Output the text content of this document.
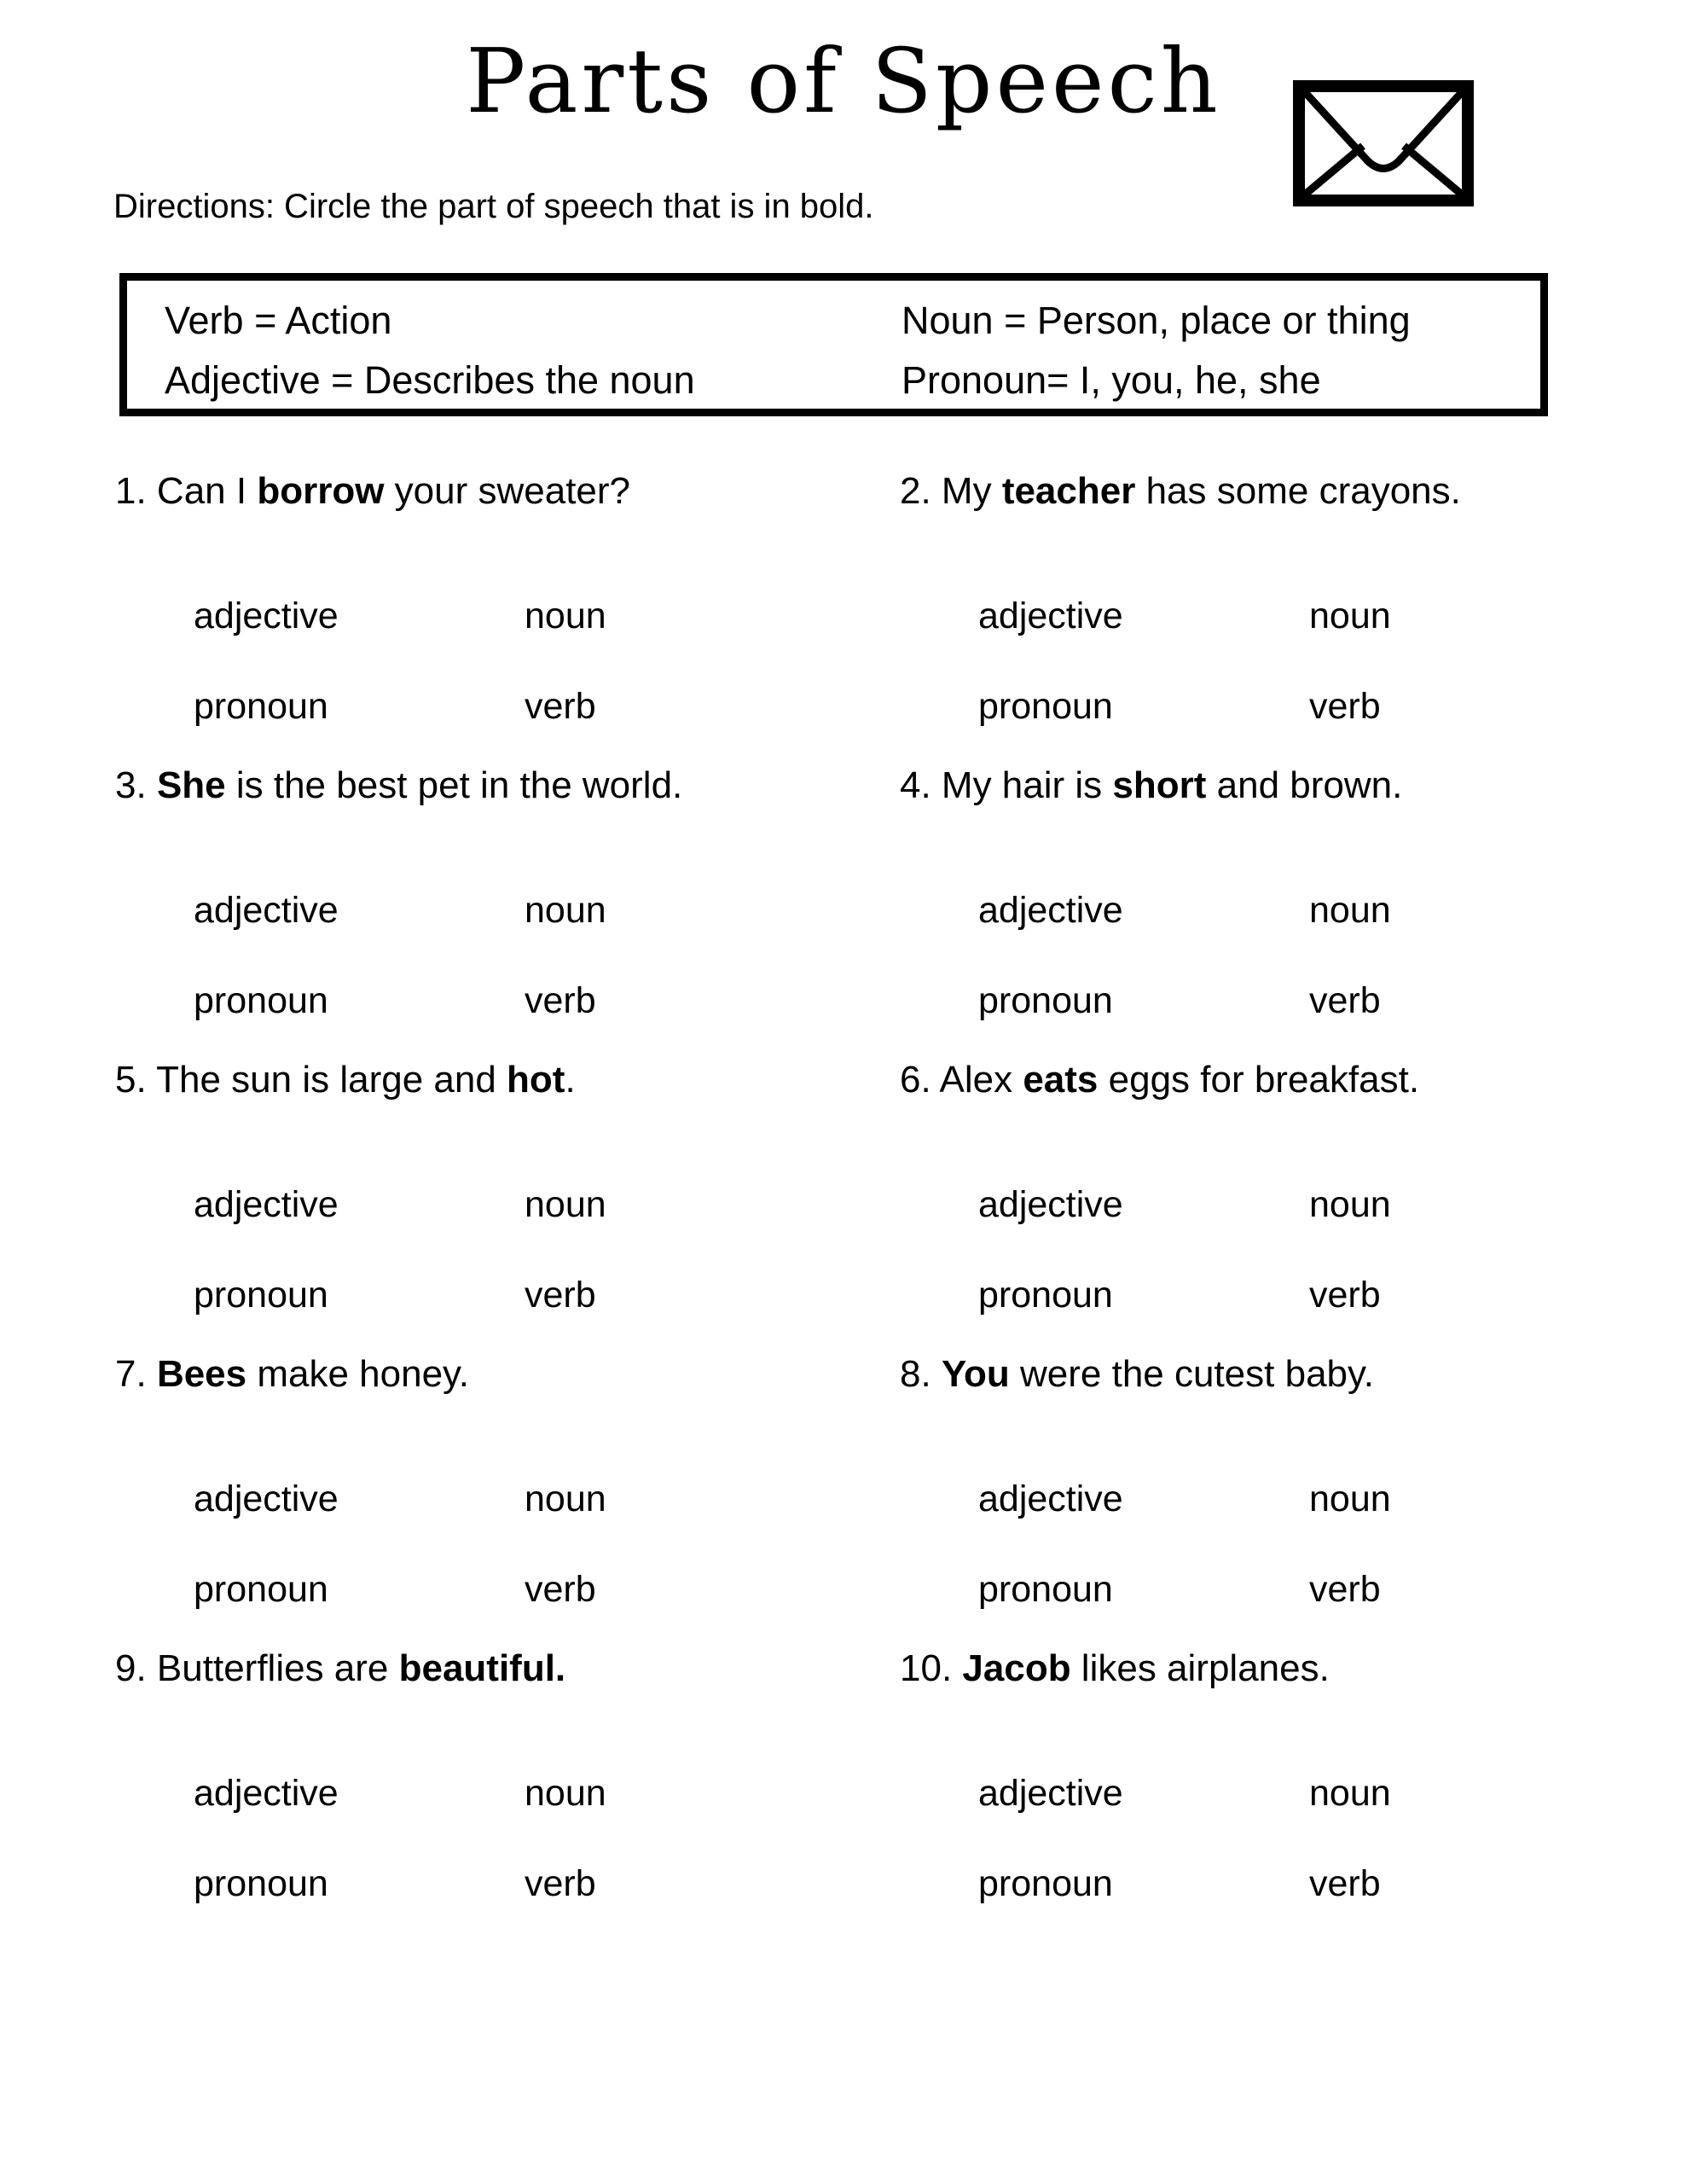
Parts of Speech

Directions: Circle the part of speech that is in bold.

Verb = Action
Adjective = Describes the noun
Noun = Person, place or thing
Pronoun= I, you, he, she

1. Can I borrow your sweater?

adjective	noun
pronoun	verb

2. My teacher has some crayons.

adjective	noun
pronoun	verb

3. She is the best pet in the world.

adjective	noun
pronoun	verb

4. My hair is short and brown.

adjective	noun
pronoun	verb

5. The sun is large and hot.

adjective	noun
pronoun	verb

6. Alex eats eggs for breakfast.

adjective	noun
pronoun	verb

7. Bees make honey.

adjective	noun
pronoun	verb

8. You were the cutest baby.

adjective	noun
pronoun	verb

9. Butterflies are beautiful.

adjective	noun
pronoun	verb

10. Jacob likes airplanes.

adjective	noun
pronoun	verb
